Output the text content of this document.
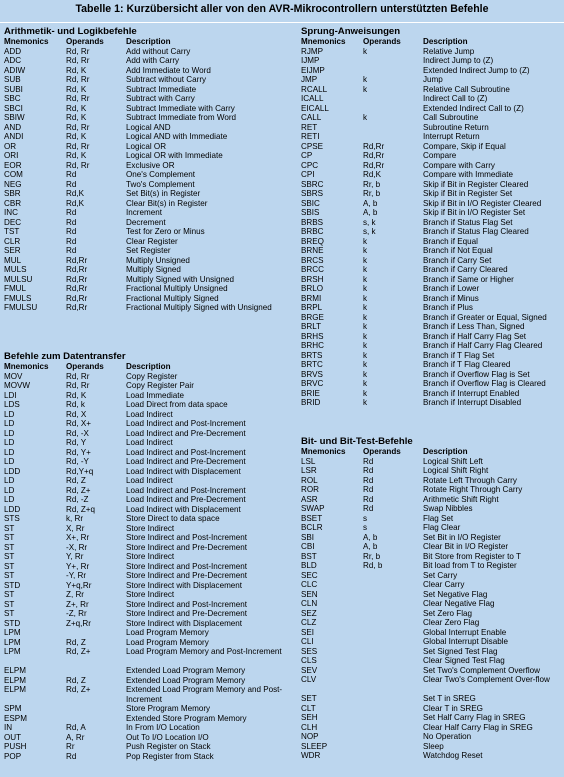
Tabelle 1: Kurzübersicht aller von den AVR-Mikrocontrollern unterstützten Befehle
Arithmetik- und Logikbefehle
Mnemonics Operands	Description
ADD	Rd, Rr	Add without Carry
ADC	Rd, Rr	Add with Carry
ADIW	Rd, K	Add Immediate to Word
SUB	Rd, Rr	Subtract without Carry
SUBI	Rd, K	Subtract Immediate
SBC	Rd, Rr	Subtract with Carry
SBCI	Rd, K	Subtract Immediate with Carry
SBIW	Rd, K	Subtract Immediate from Word
AND	Rd, Rr	Logical AND
ANDI	Rd, K	Logical AND with Immediate
OR	Rd, Rr	Logical OR
ORI	Rd, K	Logical OR with Immediate
EOR	Rd, Rr	Exclusive OR
COM	Rd	One's Complement
NEG	Rd	Two's Complement
SBR	Rd,K	Set Bit(s) in Register
CBR	Rd,K	Clear Bit(s) in Register
INC	Rd	Increment
DEC	Rd	Decrement
TST	Rd	Test for Zero or Minus
CLR	Rd	Clear Register
SER	Rd	Set Register
MUL	Rd,Rr	Multiply Unsigned
MULS	Rd,Rr	Multiply Signed
MULSU	Rd,Rr	Multiply Signed with Unsigned
FMUL	Rd,Rr	Fractional Multiply Unsigned
FMULS	Rd,Rr	Fractional Multiply Signed
FMULSU	Rd,Rr	Fractional Multiply Signed with Unsigned
Befehle zum Datentransfer
Mnemonics Operands	Description
MOV	Rd, Rr	Copy Register
MOVW	Rd, Rr	Copy Register Pair
LDI	Rd, K	Load Immediate
LDS	Rd, k	Load Direct from data space
LD	Rd, X	Load Indirect
LD	Rd, X+	Load Indirect and Post-Increment
LD	Rd, -X	Load Indirect and Pre-Decrement
LD	Rd, Y	Load Indirect
LD	Rd, Y+	Load Indirect and Post-Increment
LD	Rd, -Y	Load Indirect and Pre-Decrement
LDD	Rd,Y+q	Load Indirect with Displacement
LD	Rd, Z	Load Indirect
LD	Rd, Z+	Load Indirect and Post-Increment
LD	Rd, -Z	Load Indirect and Pre-Decrement
LDD	Rd, Z+q	Load Indirect with Displacement
STS	k, Rr	Store Direct to data space
ST	X, Rr	Store Indirect
ST	X+, Rr	Store Indirect and Post-Increment
ST	-X, Rr	Store Indirect and Pre-Decrement
ST	Y, Rr	Store Indirect
ST	Y+, Rr	Store Indirect and Post-Increment
ST	-Y, Rr	Store Indirect and Pre-Decrement
STD	Y+q,Rr	Store Indirect with Displacement
ST	Z, Rr	Store Indirect
ST	Z+, Rr	Store Indirect and Post-Increment
ST	-Z, Rr	Store Indirect and Pre-Decrement
STD	Z+q,Rr	Store Indirect with Displacement
LPM	Load Program Memory
LPM	Rd, Z	Load Program Memory
LPM	Rd, Z+	Load Program Memory and Post-Increment
ELPM	Extended Load Program Memory
ELPM	Rd, Z	Extended Load Program Memory
ELPM	Rd, Z+	Extended Load Program Memory and Post-Increment
SPM	Store Program Memory
ESPM	Extended Store Program Memory
IN	Rd, A	In From I/O Location
OUT	A, Rr	Out To I/O Location I/O
PUSH	Rr	Push Register on Stack
POP	Rd	Pop Register from Stack
Sprung-Anweisungen
Mnemonics Operands	Description
RJMP	k	Relative Jump
IJMP	Indirect Jump to (Z)
EIJMP	Extended Indirect Jump to (Z)
JMP	k	Jump
RCALL	k	Relative Call Subroutine
ICALL	Indirect Call to (Z)
EICALL	Extended Indirect Call to (Z)
CALL	k	Call Subroutine
RET	Subroutine Return
RETI	Interrupt Return
CPSE	Rd,Rr	Compare, Skip if Equal
CP	Rd,Rr	Compare
CPC	Rd,Rr	Compare with Carry
CPI	Rd,K	Compare with Immediate
SBRC	Rr, b	Skip if Bit in Register Cleared
SBRS	Rr, b	Skip if Bit in Register Set
SBIC	A, b	Skip if Bit in I/O Register Cleared
SBIS	A, b	Skip if Bit in I/O Register Set
BRBS	s, k	Branch if Status Flag Set
BRBC	s, k	Branch if Status Flag Cleared
BREQ	k	Branch if Equal
BRNE	k	Branch if Not Equal
BRCS	k	Branch if Carry Set
BRCC	k	Branch if Carry Cleared
BRSH	k	Branch if Same or Higher
BRLO	k	Branch if Lower
BRMI	k	Branch if Minus
BRPL	k	Branch if Plus
BRGE	k	Branch if Greater or Equal, Signed
BRLT	k	Branch if Less Than, Signed
BRHS	k	Branch if Half Carry Flag Set
BRHC	k	Branch if Half Carry Flag Cleared
BRTS	k	Branch if T Flag Set
BRTC	k	Branch if T Flag Cleared
BRVS	k	Branch if Overflow Flag is Set
BRVC	k	Branch if Overflow Flag is Cleared
BRIE	k	Branch if Interrupt Enabled
BRID	k	Branch if Interrupt Disabled
Bit- und Bit-Test-Befehle
Mnemonics Operands	Description
LSL	Rd	Logical Shift Left
LSR	Rd	Logical Shift Right
ROL	Rd	Rotate Left Through Carry
ROR	Rd	Rotate Right Through Carry
ASR	Rd	Arithmetic Shift Right
SWAP	Rd	Swap Nibbles
BSET	s	Flag Set
BCLR	s	Flag Clear
SBI	A, b	Set Bit in I/O Register
CBI	A, b	Clear Bit in I/O Register
BST	Rr, b	Bit Store from Register to T
BLD	Rd, b	Bit load from T to Register
SEC	Set Carry
CLC	Clear Carry
SEN	Set Negative Flag
CLN	Clear Negative Flag
SEZ	Set Zero Flag
CLZ	Clear Zero Flag
SEI	Global Interrupt Enable
CLI	Global Interrupt Disable
SES	Set Signed Test Flag
CLS	Clear Signed Test Flag
SEV	Set Two's Complement Overflow
CLV	Clear Two's Complement Over-flow
SET	Set T in SREG
CLT	Clear T in SREG
SEH	Set Half Carry Flag in SREG
CLH	Clear Half Carry Flag in SREG
NOP	No Operation
SLEEP	Sleep
WDR	Watchdog Reset
